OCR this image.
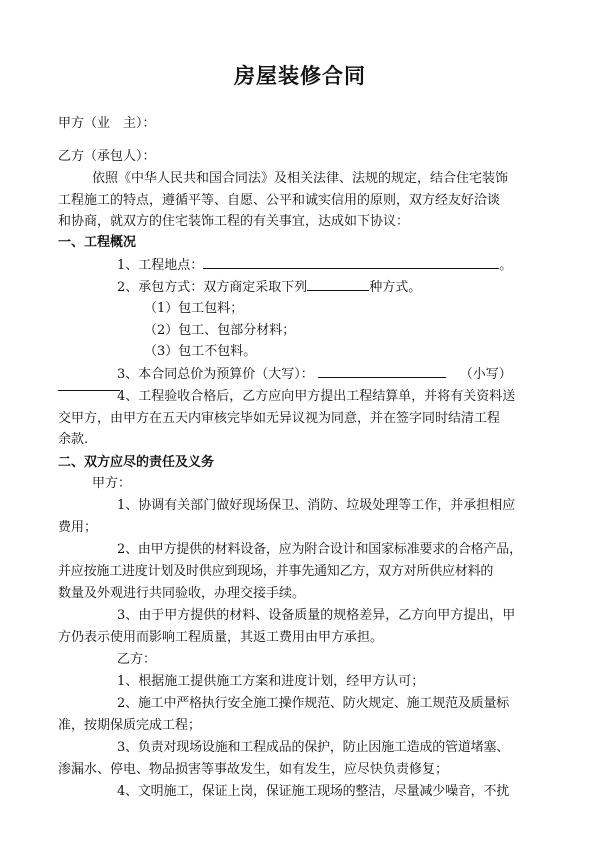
房屋装修合同
甲方（业　主）：
乙方（承包人）：
依照《中华人民共和国合同法》及相关法律、法规的规定，结合住宅装饰
工程施工的特点，遵循平等、自愿、公平和诚实信用的原则，双方经友好洽谈
和协商，就双方的住宅装饰工程的有关事宜，达成如下协议：
一、工程概况
1、工程地点：	。
2、承包方式：双方商定采取下列	种方式。
（1）包工包料；
（2）包工、包部分材料；
（3）包工不包料。
3、本合同总价为预算价（大写）：	（小写）
4、工程验收合格后，乙方应向甲方提出工程结算单，并将有关资料送
交甲方，由甲方在五天内审核完毕如无异议视为同意，并在签字同时结清工程
余款.
二、双方应尽的责任及义务
甲方：
1、协调有关部门做好现场保卫、消防、垃圾处理等工作，并承担相应
费用；
2、由甲方提供的材料设备，应为附合设计和国家标准要求的合格产品，
并应按施工进度计划及时供应到现场，并事先通知乙方，双方对所供应材料的
数量及外观进行共同验收，办理交接手续。
3、由于甲方提供的材料、设备质量的规格差异，乙方向甲方提出，甲
方仍表示使用而影响工程质量，其返工费用由甲方承担。
乙方：
1、根据施工提供施工方案和进度计划，经甲方认可；
2、施工中严格执行安全施工操作规范、防火规定、施工规范及质量标
准，按期保质完成工程；
3、负责对现场设施和工程成品的保护，防止因施工造成的管道堵塞、
渗漏水、停电、物品损害等事故发生，如有发生，应尽快负责修复；
4、文明施工，保证上岗，保证施工现场的整洁，尽量减少噪音，不扰
